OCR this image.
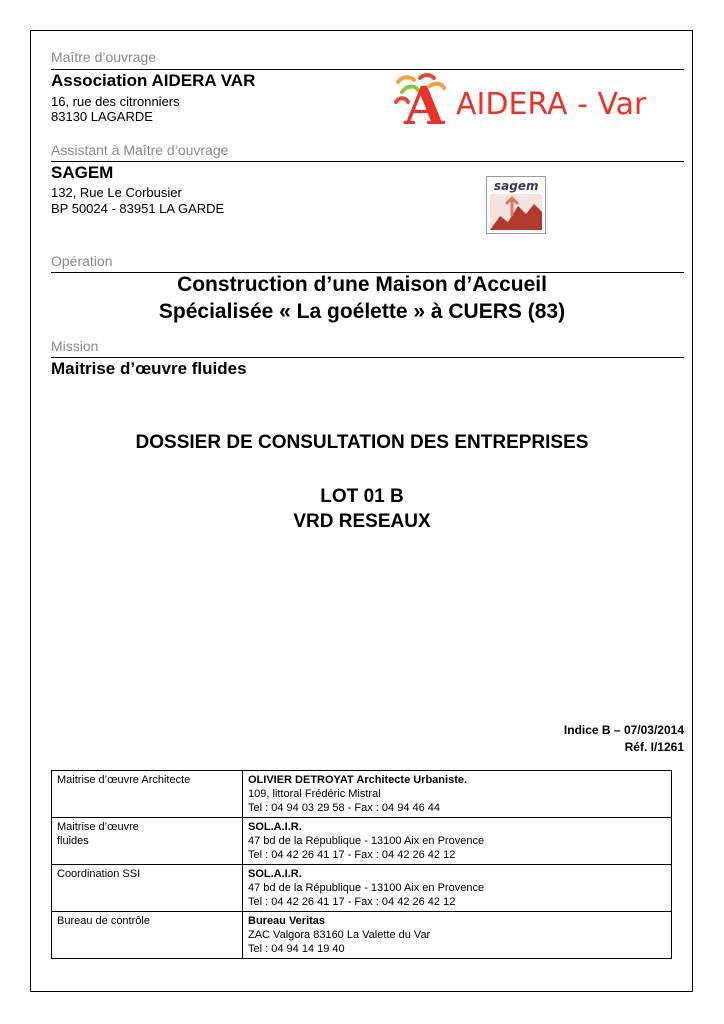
Maître d’ouvrage
Association AIDERA VAR
16, rue des citronniers
83130 LAGARDE	A AIDERA - Var
Assistant à Maître d’ouvrage
SAGEM
132, Rue Le Corbusier
BP 50024 - 83951 LA GARDE
sagem
Opération
Construction d’une Maison d’Accueil
Spécialisée « La goélette » à CUERS (83)
Mission
Maitrise d’œuvre fluides
DOSSIER DE CONSULTATION DES ENTREPRISES
LOT 01 B
VRD RESEAUX
Indice B – 07/03/2014
Réf. I/1261
Maitrise d’œuvre Architecte	OLIVIER DETROYAT Architecte Urbaniste.
109, littoral Frédéric Mistral
Tel : 04 94 03 29 58 - Fax : 04 94 46 44

Maitrise d’œuvre fluides	SOL.A.I.R.
47 bd de la République - 13100 Aix en Provence
Tel : 04 42 26 41 17 - Fax : 04 42 26 42 12

Coordination SSI	SOL.A.I.R.
47 bd de la République - 13100 Aix en Provence
Tel : 04 42 26 41 17 - Fax : 04 42 26 42 12

Bureau de contrôle	Bureau Veritas
ZAC Valgora 83160 La Valette du Var
Tel : 04 94 14 19 40
